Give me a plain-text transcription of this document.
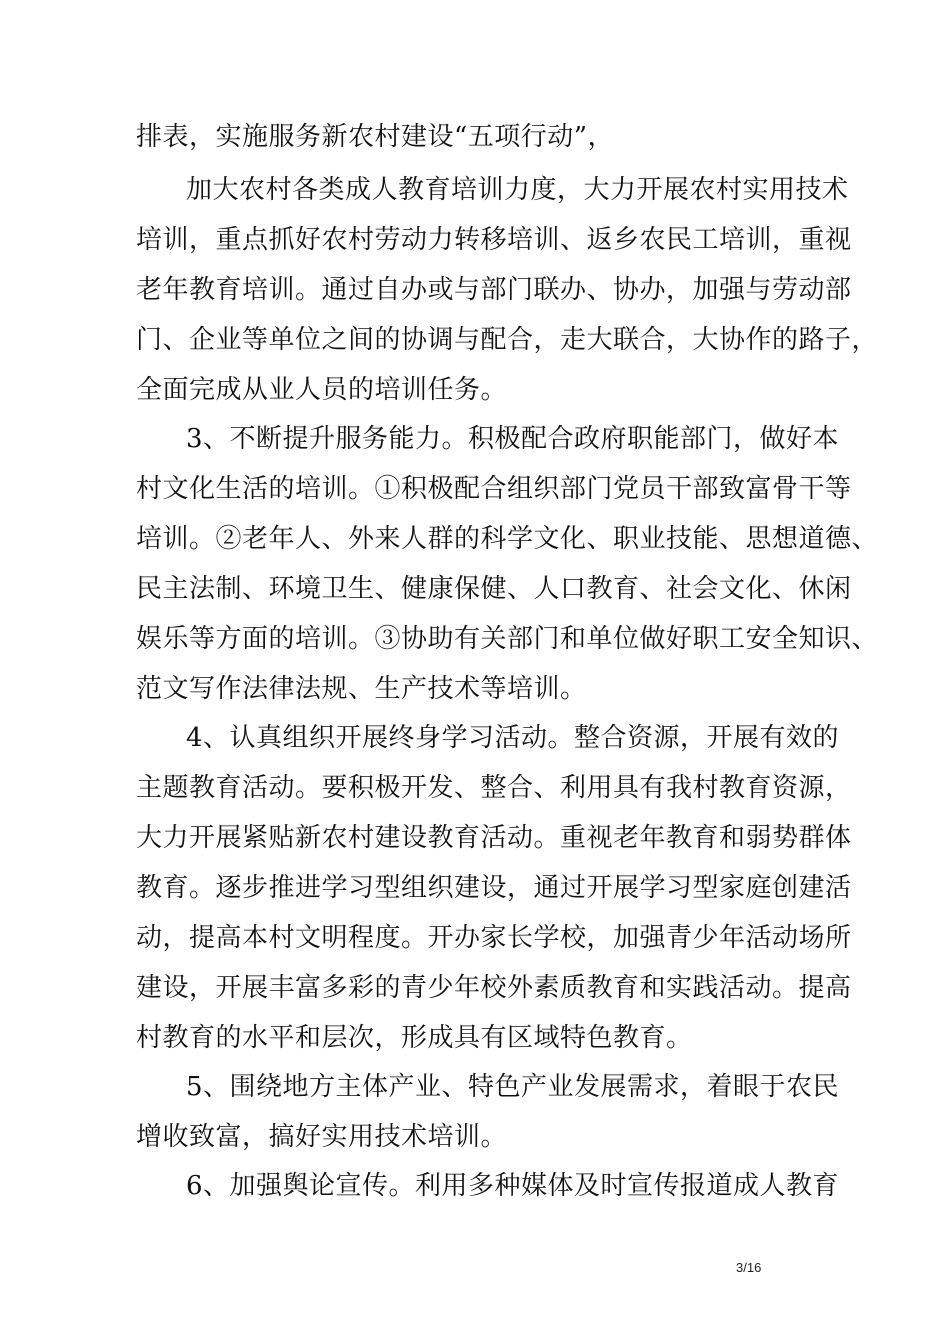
排表，实施服务新农村建设“五项行动”，
加大农村各类成人教育培训力度，大力开展农村实用技术
培训，重点抓好农村劳动力转移培训、返乡农民工培训，重视
老年教育培训。通过自办或与部门联办、协办，加强与劳动部
门、企业等单位之间的协调与配合，走大联合，大协作的路子，
全面完成从业人员的培训任务。
3、不断提升服务能力。积极配合政府职能部门，做好本
村文化生活的培训。①积极配合组织部门党员干部致富骨干等
培训。②老年人、外来人群的科学文化、职业技能、思想道德、
民主法制、环境卫生、健康保健、人口教育、社会文化、休闲
娱乐等方面的培训。③协助有关部门和单位做好职工安全知识、
范文写作法律法规、生产技术等培训。
4、认真组织开展终身学习活动。整合资源，开展有效的
主题教育活动。要积极开发、整合、利用具有我村教育资源，
大力开展紧贴新农村建设教育活动。重视老年教育和弱势群体
教育。逐步推进学习型组织建设，通过开展学习型家庭创建活
动，提高本村文明程度。开办家长学校，加强青少年活动场所
建设，开展丰富多彩的青少年校外素质教育和实践活动。提高
村教育的水平和层次，形成具有区域特色教育。
5、围绕地方主体产业、特色产业发展需求，着眼于农民
增收致富，搞好实用技术培训。
6、加强舆论宣传。利用多种媒体及时宣传报道成人教育
3/16
